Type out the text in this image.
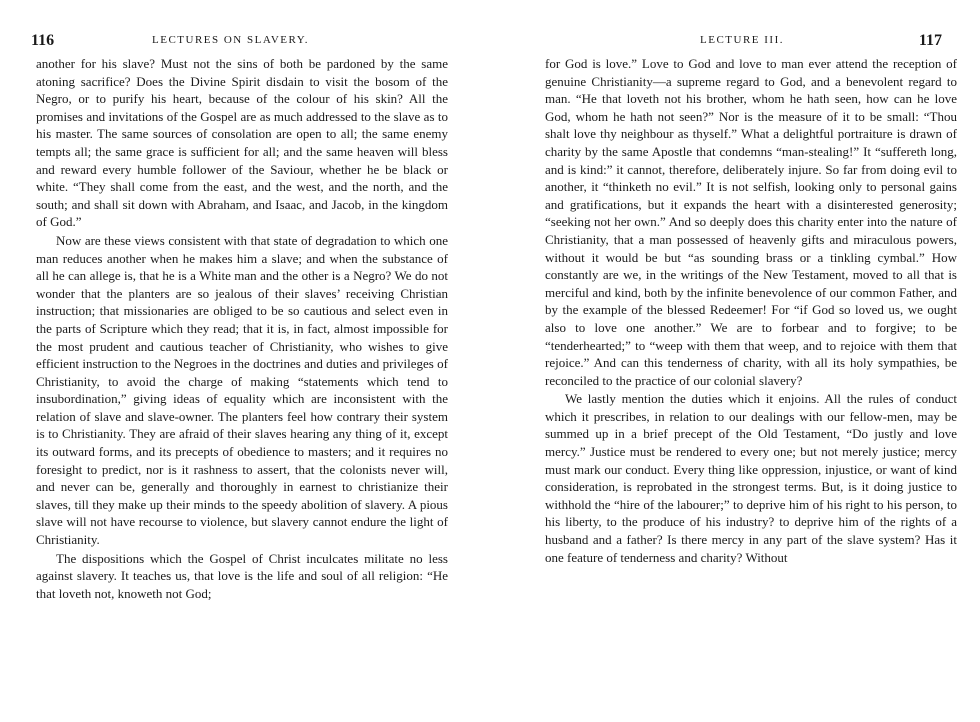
116	LECTURES ON SLAVERY.

another for his slave? Must not the sins of both be pardoned by the same atoning sacrifice? Does the Divine Spirit disdain to visit the bosom of the Negro, or to purify his heart, because of the colour of his skin? All the promises and invitations of the Gospel are as much addressed to the slave as to his master. The same sources of consolation are open to all; the same enemy tempts all; the same grace is sufficient for all; and the same heaven will bless and reward every humble follower of the Saviour, whether he be black or white. “They shall come from the east, and the west, and the north, and the south; and shall sit down with Abraham, and Isaac, and Jacob, in the kingdom of God.”

Now are these views consistent with that state of degradation to which one man reduces another when he makes him a slave; and when the substance of all he can allege is, that he is a White man and the other is a Negro? We do not wonder that the planters are so jealous of their slaves’ receiving Christian instruction; that missionaries are obliged to be so cautious and select even in the parts of Scripture which they read; that it is, in fact, almost impossible for the most prudent and cautious teacher of Christianity, who wishes to give efficient instruction to the Negroes in the doctrines and duties and privileges of Christianity, to avoid the charge of making “statements which tend to insubordination,” giving ideas of equality which are inconsistent with the relation of slave and slave-owner. The planters feel how contrary their system is to Christianity. They are afraid of their slaves hearing any thing of it, except its outward forms, and its precepts of obedience to masters; and it requires no foresight to predict, nor is it rashness to assert, that the colonists never will, and never can be, generally and thoroughly in earnest to christianize their slaves, till they make up their minds to the speedy abolition of slavery. A pious slave will not have recourse to violence, but slavery cannot endure the light of Christianity.

The dispositions which the Gospel of Christ inculcates militate no less against slavery. It teaches us, that love is the life and soul of all religion: “He that loveth not, knoweth not God;

LECTURE III.	117

for God is love.” Love to God and love to man ever attend the reception of genuine Christianity—a supreme regard to God, and a benevolent regard to man. “He that loveth not his brother, whom he hath seen, how can he love God, whom he hath not seen?” Nor is the measure of it to be small: “Thou shalt love thy neighbour as thyself.” What a delightful portraiture is drawn of charity by the same Apostle that condemns “man-stealing!” It “suffereth long, and is kind:” it cannot, therefore, deliberately injure. So far from doing evil to another, it “thinketh no evil.” It is not selfish, looking only to personal gains and gratifications, but it expands the heart with a disinterested generosity; “seeking not her own.” And so deeply does this charity enter into the nature of Christianity, that a man possessed of heavenly gifts and miraculous powers, without it would be but “as sounding brass or a tinkling cymbal.” How constantly are we, in the writings of the New Testament, moved to all that is merciful and kind, both by the infinite benevolence of our common Father, and by the example of the blessed Redeemer! For “if God so loved us, we ought also to love one another.” We are to forbear and to forgive; to be “tenderhearted;” to “weep with them that weep, and to rejoice with them that rejoice.” And can this tenderness of charity, with all its holy sympathies, be reconciled to the practice of our colonial slavery?

We lastly mention the duties which it enjoins. All the rules of conduct which it prescribes, in relation to our dealings with our fellow-men, may be summed up in a brief precept of the Old Testament, “Do justly and love mercy.” Justice must be rendered to every one; but not merely justice; mercy must mark our conduct. Every thing like oppression, injustice, or want of kind consideration, is reprobated in the strongest terms. But, is it doing justice to withhold the “hire of the labourer;” to deprive him of his right to his person, to his liberty, to the produce of his industry? to deprive him of the rights of a husband and a father? Is there mercy in any part of the slave system? Has it one feature of tenderness and charity? Without
